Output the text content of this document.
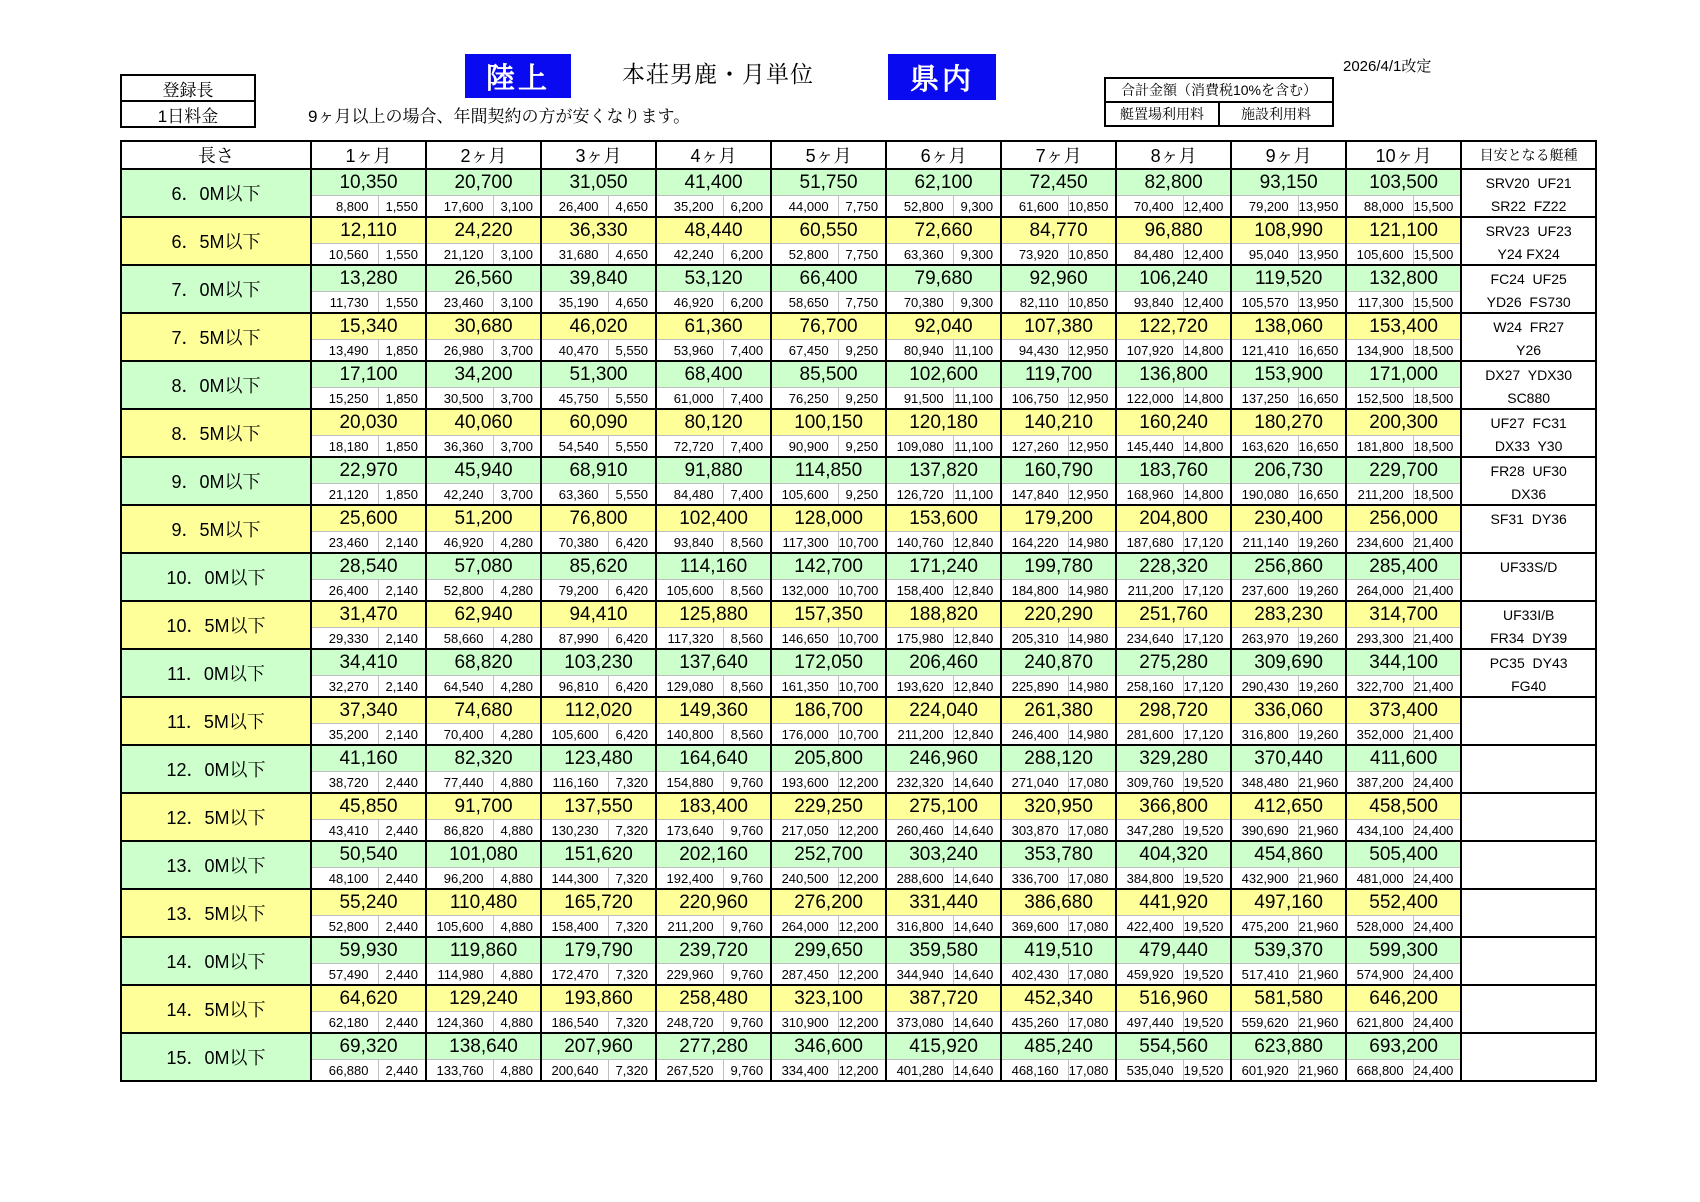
登録長
1日料金
陸上	本荘男鹿・月単位	県内	2026/4/1改定
9ヶ月以上の場合、年間契約の方が安くなります。
合計金額（消費税10%を含む）
艇置場利用料	施設利用料
長さ	1ヶ月		2ヶ月		3ヶ月		4ヶ月		5ヶ月		6ヶ月		7ヶ月		8ヶ月		9ヶ月		10ヶ月		目安となる艇種
6．0M以下	10,350		20,700		31,050		41,400		51,750		62,100		72,450		82,800		93,150		103,500		SRV20  UF21
SR22  FZ22

	8,800	1,550	17,600	3,100	26,400	4,650	35,200	6,200	44,000	7,750	52,800	9,300	61,600	10,850	70,400	12,400	79,200	13,950	88,000	15,500	
6．5M以下	12,110		24,220		36,330		48,440		60,550		72,660		84,770		96,880		108,990		121,100		SRV23  UF23
Y24 FX24

	10,560	1,550	21,120	3,100	31,680	4,650	42,240	6,200	52,800	7,750	63,360	9,300	73,920	10,850	84,480	12,400	95,040	13,950	105,600	15,500	
7．0M以下	13,280		26,560		39,840		53,120		66,400		79,680		92,960		106,240		119,520		132,800		FC24  UF25
YD26  FS730

	11,730	1,550	23,460	3,100	35,190	4,650	46,920	6,200	58,650	7,750	70,380	9,300	82,110	10,850	93,840	12,400	105,570	13,950	117,300	15,500	
7．5M以下	15,340		30,680		46,020		61,360		76,700		92,040		107,380		122,720		138,060		153,400		W24  FR27
Y26

	13,490	1,850	26,980	3,700	40,470	5,550	53,960	7,400	67,450	9,250	80,940	11,100	94,430	12,950	107,920	14,800	121,410	16,650	134,900	18,500	
8．0M以下	17,100		34,200		51,300		68,400		85,500		102,600		119,700		136,800		153,900		171,000		DX27  YDX30
SC880

	15,250	1,850	30,500	3,700	45,750	5,550	61,000	7,400	76,250	9,250	91,500	11,100	106,750	12,950	122,000	14,800	137,250	16,650	152,500	18,500	
8．5M以下	20,030		40,060		60,090		80,120		100,150		120,180		140,210		160,240		180,270		200,300		UF27  FC31
DX33  Y30

	18,180	1,850	36,360	3,700	54,540	5,550	72,720	7,400	90,900	9,250	109,080	11,100	127,260	12,950	145,440	14,800	163,620	16,650	181,800	18,500	
9．0M以下	22,970		45,940		68,910		91,880		114,850		137,820		160,790		183,760		206,730		229,700		FR28  UF30
DX36

	21,120	1,850	42,240	3,700	63,360	5,550	84,480	7,400	105,600	9,250	126,720	11,100	147,840	12,950	168,960	14,800	190,080	16,650	211,200	18,500	
9．5M以下	25,600		51,200		76,800		102,400		128,000		153,600		179,200		204,800		230,400		256,000		SF31  DY36

	23,460	2,140	46,920	4,280	70,380	6,420	93,840	8,560	117,300	10,700	140,760	12,840	164,220	14,980	187,680	17,120	211,140	19,260	234,600	21,400	
10．0M以下	28,540		57,080		85,620		114,160		142,700		171,240		199,780		228,320		256,860		285,400		UF33S/D

	26,400	2,140	52,800	4,280	79,200	6,420	105,600	8,560	132,000	10,700	158,400	12,840	184,800	14,980	211,200	17,120	237,600	19,260	264,000	21,400	
10．5M以下	31,470		62,940		94,410		125,880		157,350		188,820		220,290		251,760		283,230		314,700		UF33I/B
FR34  DY39

	29,330	2,140	58,660	4,280	87,990	6,420	117,320	8,560	146,650	10,700	175,980	12,840	205,310	14,980	234,640	17,120	263,970	19,260	293,300	21,400	
11．0M以下	34,410		68,820		103,230		137,640		172,050		206,460		240,870		275,280		309,690		344,100		PC35  DY43
FG40

	32,270	2,140	64,540	4,280	96,810	6,420	129,080	8,560	161,350	10,700	193,620	12,840	225,890	14,980	258,160	17,120	290,430	19,260	322,700	21,400	
11．5M以下	37,340		74,680		112,020		149,360		186,700		224,040		261,380		298,720		336,060		373,400		

	35,200	2,140	70,400	4,280	105,600	6,420	140,800	8,560	176,000	10,700	211,200	12,840	246,400	14,980	281,600	17,120	316,800	19,260	352,000	21,400	
12．0M以下	41,160		82,320		123,480		164,640		205,800		246,960		288,120		329,280		370,440		411,600		

	38,720	2,440	77,440	4,880	116,160	7,320	154,880	9,760	193,600	12,200	232,320	14,640	271,040	17,080	309,760	19,520	348,480	21,960	387,200	24,400	
12．5M以下	45,850		91,700		137,550		183,400		229,250		275,100		320,950		366,800		412,650		458,500		

	43,410	2,440	86,820	4,880	130,230	7,320	173,640	9,760	217,050	12,200	260,460	14,640	303,870	17,080	347,280	19,520	390,690	21,960	434,100	24,400	
13．0M以下	50,540		101,080		151,620		202,160		252,700		303,240		353,780		404,320		454,860		505,400		

	48,100	2,440	96,200	4,880	144,300	7,320	192,400	9,760	240,500	12,200	288,600	14,640	336,700	17,080	384,800	19,520	432,900	21,960	481,000	24,400	
13．5M以下	55,240		110,480		165,720		220,960		276,200		331,440		386,680		441,920		497,160		552,400		

	52,800	2,440	105,600	4,880	158,400	7,320	211,200	9,760	264,000	12,200	316,800	14,640	369,600	17,080	422,400	19,520	475,200	21,960	528,000	24,400	
14．0M以下	59,930		119,860		179,790		239,720		299,650		359,580		419,510		479,440		539,370		599,300		

	57,490	2,440	114,980	4,880	172,470	7,320	229,960	9,760	287,450	12,200	344,940	14,640	402,430	17,080	459,920	19,520	517,410	21,960	574,900	24,400	
14．5M以下	64,620		129,240		193,860		258,480		323,100		387,720		452,340		516,960		581,580		646,200		

	62,180	2,440	124,360	4,880	186,540	7,320	248,720	9,760	310,900	12,200	373,080	14,640	435,260	17,080	497,440	19,520	559,620	21,960	621,800	24,400	
15．0M以下	69,320		138,640		207,960		277,280		346,600		415,920		485,240		554,560		623,880		693,200		

	66,880	2,440	133,760	4,880	200,640	7,320	267,520	9,760	334,400	12,200	401,280	14,640	468,160	17,080	535,040	19,520	601,920	21,960	668,800	24,400	
